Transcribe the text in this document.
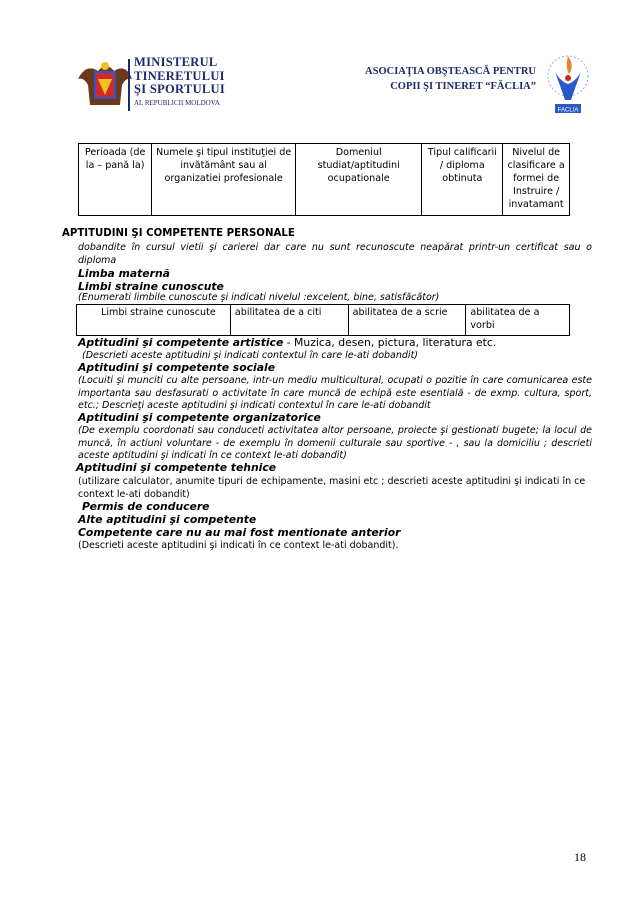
MINISTERUL
TINERETULUI
ŞI SPORTULUI
AL REPUBLICII MOLDOVA
ASOCIAŢIA OBŞTEASCĂ PENTRU
COPII ŞI TINERET “FĂCLIA”
FACLIA
Perioada (de la – pană la)	Numele şi tipul instituţiei de invătământ sau al organizatiei profesionale	Domeniul studiat/aptitudini ocupationale	Tipul calificarii / diploma obtinuta	Nivelul de clasificare a formei de Instruire / invatamant
APTITUDINI ŞI COMPETENTE PERSONALE
dobandite în cursul vietii şi carierei dar care nu sunt recunoscute neapărat printr-un certificat sau o diploma
Limba maternă
Limbi straine cunoscute
(Enumerati limbile cunoscute şi indicati nivelul :excelent, bine, satisfăcător)
Limbi straine cunoscute	abilitatea de a citi	abilitatea de a scrie	abilitatea de a vorbi
Aptitudini şi competente artistice - Muzica, desen, pictura, literatura etc.
(Descrieti aceste aptitudini şi indicati contextul în care le-ati dobandit)
Aptitudini şi competente sociale
(Locuiti şi munciti cu alte persoane, intr-un mediu multicultural, ocupati o pozitie în care comunicarea este importanta sau desfasurati o activitate în care muncă de echipă este esentială - de exmp. cultura, sport, etc.; Descrieţi aceste aptitudini şi indicati contextul în care le-ati dobandit
Aptitudini şi competente organizatorice
(De exemplu coordonati sau conduceti activitatea altor persoane, proiecte şi gestionati bugete; la locul de muncă, în actiuni voluntare - de exemplu în domenii culturale sau sportive - , sau la domiciliu ; descrieti aceste aptitudini şi indicati în ce context le-ati dobandit)
Aptitudini şi competente tehnice
(utilizare calculator, anumite tipuri de echipamente, masini etc ; descrieti aceste aptitudini şi indicati în ce context le-ati dobandit)
Permis de conducere
Alte aptitudini şi competente
Competente care nu au mai fost mentionate anterior
(Descrieti aceste aptitudini şi indicati în ce context le-ati dobandit).
18
